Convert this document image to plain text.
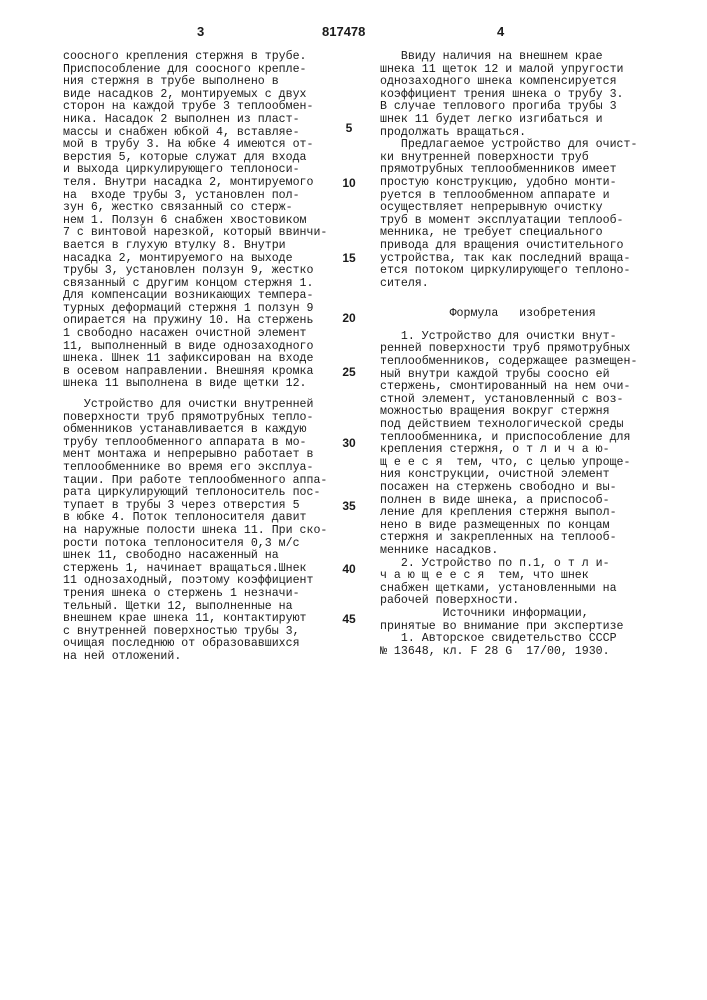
3	817478	4
соосного крепления стержня в трубе.
Приспособление для соосного крепле-
ния стержня в трубе выполнено в
виде насадков 2, монтируемых с двух
сторон на каждой трубе 3 теплообмен-
ника. Насадок 2 выполнен из пласт-
массы и снабжен юбкой 4, вставляе-
мой в трубу 3. На юбке 4 имеются от-
верстия 5, которые служат для входа
и выхода циркулирующего теплоноси-
теля. Внутри насадка 2, монтируемого
на  входе трубы 3, установлен пол-
зун 6, жестко связанный со стерж-
нем 1. Ползун 6 снабжен хвостовиком
7 с винтовой нарезкой, который ввинчи-
вается в глухую втулку 8. Внутри
насадка 2, монтируемого на выходе
трубы 3, установлен ползун 9, жестко
связанный с другим концом стержня 1.
Для компенсации возникающих темпера-
турных деформаций стержня 1 ползун 9
опирается на пружину 10. На стержень
1 свободно насажен очистной элемент
11, выполненный в виде однозаходного
шнека. Шнек 11 зафиксирован на входе
в осевом направлении. Внешняя кромка
шнека 11 выполнена в виде щетки 12.
Устройство для очистки внутренней
поверхности труб прямотрубных тепло-
обменников устанавливается в каждую
трубу теплообменного аппарата в мо-
мент монтажа и непрерывно работает в
теплообменнике во время его эксплуа-
тации. При работе теплообменного аппа-
рата циркулирующий теплоноситель пос-
тупает в трубы 3 через отверстия 5
в юбке 4. Поток теплоносителя давит
на наружные полости шнека 11. При ско-
рости потока теплоносителя 0,3 м/с
шнек 11, свободно насаженный на
стержень 1, начинает вращаться.Шнек
11 однозаходный, поэтому коэффициент
трения шнека о стержень 1 незначи-
тельный. Щетки 12, выполненные на
внешнем крае шнека 11, контактируют
с внутренней поверхностью трубы 3,
очищая последнюю от образовавшихся
на ней отложений.
Ввиду наличия на внешнем крае
шнека 11 щеток 12 и малой упругости
однозаходного шнека компенсируется
коэффициент трения шнека о трубу 3.
В случае теплового прогиба трубы 3
шнек 11 будет легко изгибаться и
продолжать вращаться.
Предлагаемое устройство для очист-
ки внутренней поверхности труб
прямотрубных теплообменников имеет
простую конструкцию, удобно монти-
руется в теплообменном аппарате и
осуществляет непрерывную очистку
труб в момент эксплуатации теплооб-
менника, не требует специального
привода для вращения очистительного
устройства, так как последний враща-
ется потоком циркулирующего теплоно-
сителя.
Формула   изобретения
1. Устройство для очистки внут-
ренней поверхности труб прямотрубных
теплообменников, содержащее размещен-
ный внутри каждой трубы соосно ей
стержень, смонтированный на нем очи-
стной элемент, установленный с воз-
можностью вращения вокруг стержня
под действием технологической среды
теплообменника, и приспособление для
крепления стержня, о т л и ч а ю-
щ е е с я  тем, что, с целью упроще-
ния конструкции, очистной элемент
посажен на стержень свободно и вы-
полнен в виде шнека, а приспособ-
ление для крепления стержня выпол-
нено в виде размещенных по концам
стержня и закрепленных на теплооб-
меннике насадков.
2. Устройство по п.1, о т л и-
ч а ю щ е е с я  тем, что шнек
снабжен щетками, установленными на
рабочей поверхности.
Источники информации,
принятые во внимание при экспертизе
1. Авторское свидетельство СССР
№ 13648, кл. F 28 G  17/00, 1930.
5
10
15
20
25
30
35
40
45
